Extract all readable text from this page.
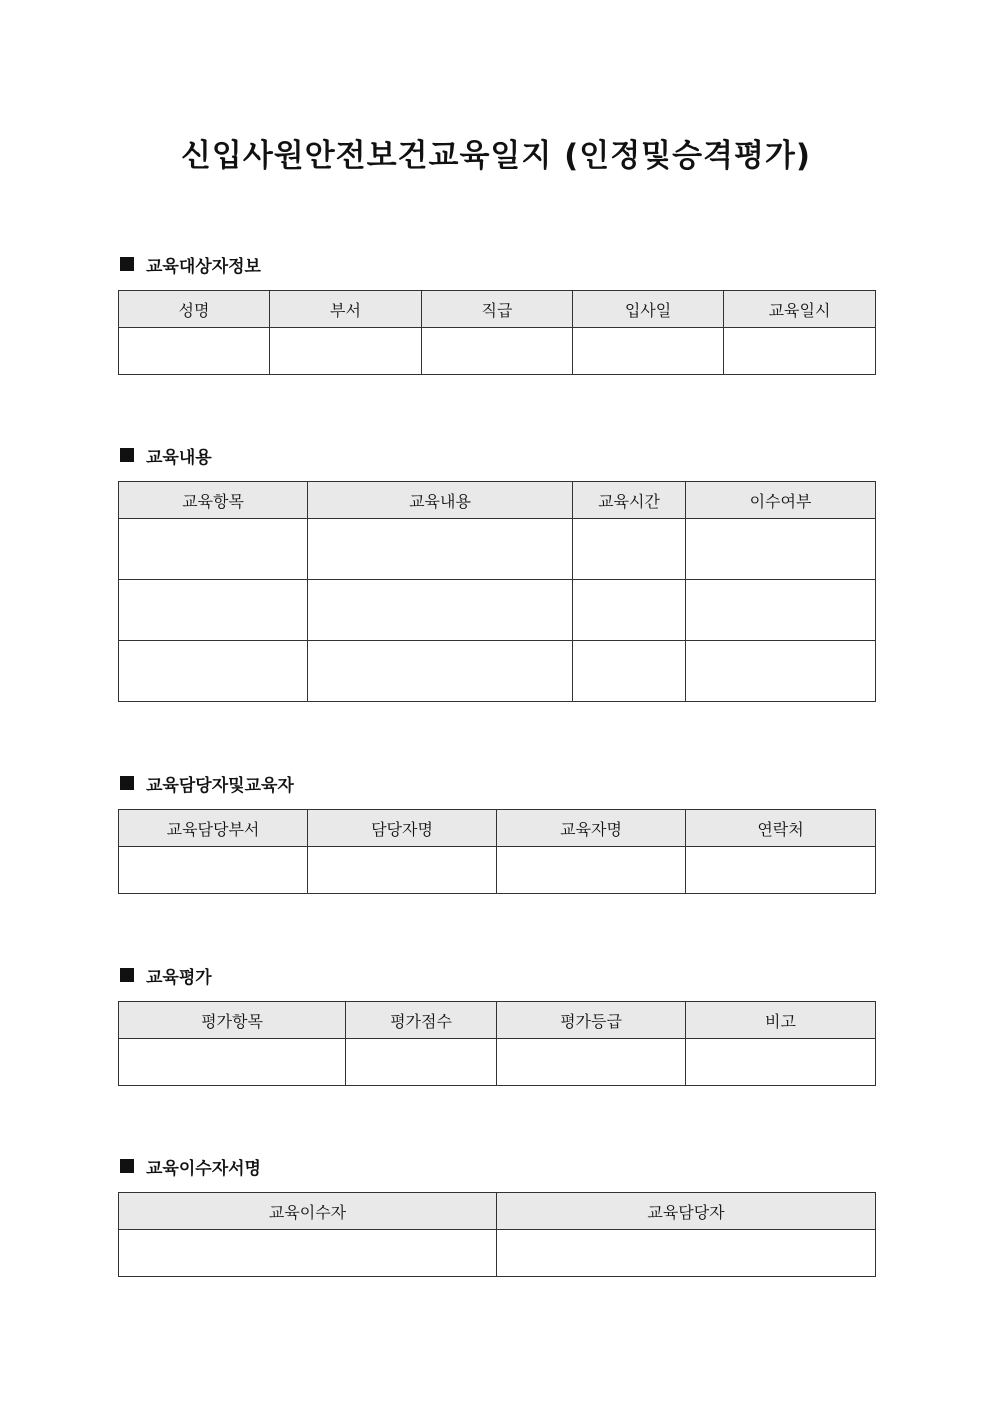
신입사원안전보건교육일지 (인정및승격평가)
교육대상자정보
성명	부서	직급	입사일	교육일시

교육내용
교육항목	교육내용	교육시간	이수여부

교육담당자및교육자
교육담당부서	담당자명	교육자명	연락처

교육평가
평가항목	평가점수	평가등급	비고

교육이수자서명
교육이수자	교육담당자
